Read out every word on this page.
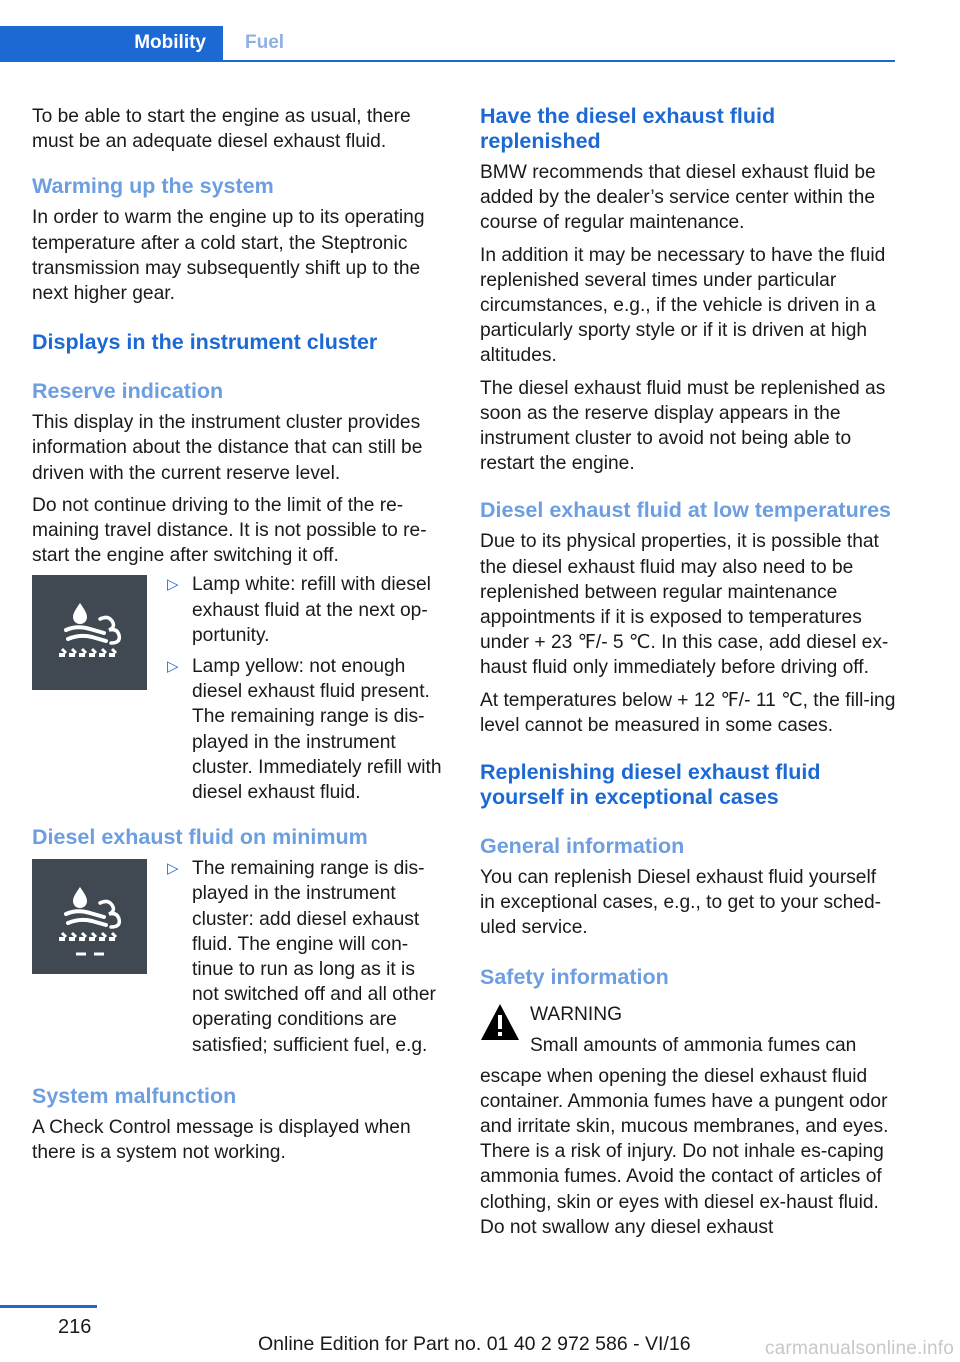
Mobility	Fuel

To be able to start the engine as usual, there must be an adequate diesel exhaust fluid.

Warming up the system

In order to warm the engine up to its operating temperature after a cold start, the Steptronic transmission may subsequently shift up to the next higher gear.

Displays in the instrument cluster
Reserve indication

This display in the instrument cluster provides information about the distance that can still be driven with the current reserve level.

Do not continue driving to the limit of the re‐maining travel distance. It is not possible to re‐start the engine after switching it off.

▷ Lamp white: refill with diesel exhaust fluid at the next op‐portunity.
▷ Lamp yellow: not enough diesel exhaust fluid present. The remaining range is dis‐played in the instrument cluster. Immediately refill with diesel exhaust fluid.
Diesel exhaust fluid on minimum
▷ The remaining range is dis‐played in the instrument cluster: add diesel exhaust fluid. The engine will con‐tinue to run as long as it is not switched off and all other operating conditions are satisfied; sufficient fuel, e.g.
System malfunction

A Check Control message is displayed when there is a system not working.

Have the diesel exhaust fluid replenished

BMW recommends that diesel exhaust fluid be added by the dealer’s service center within the course of regular maintenance.

In addition it may be necessary to have the fluid replenished several times under particular circumstances, e.g., if the vehicle is driven in a particularly sporty style or if it is driven at high altitudes.

The diesel exhaust fluid must be replenished as soon as the reserve display appears in the instrument cluster to avoid not being able to restart the engine.

Diesel exhaust fluid at low temperatures

Due to its physical properties, it is possible that the diesel exhaust fluid may also need to be replenished between regular maintenance appointments if it is exposed to temperatures under + 23 ℉/- 5 ℃. In this case, add diesel ex‐haust fluid only immediately before driving off.

At temperatures below + 12 ℉/- 11 ℃, the fill‐ing level cannot be measured in some cases.

Replenishing diesel exhaust fluid yourself in exceptional cases
General information

You can replenish Diesel exhaust fluid yourself in exceptional cases, e.g., to get to your sched‐uled service.

Safety information
WARNING
Small amounts of ammonia fumes can
escape when opening the diesel exhaust fluid container. Ammonia fumes have a pungent odor and irritate skin, mucous membranes, and eyes. There is a risk of injury. Do not inhale es‐caping ammonia fumes. Avoid the contact of articles of clothing, skin or eyes with diesel ex‐haust fluid. Do not swallow any diesel exhaust
216
Online Edition for Part no. 01 40 2 972 586 - VI/16	carmanualsonline.info
